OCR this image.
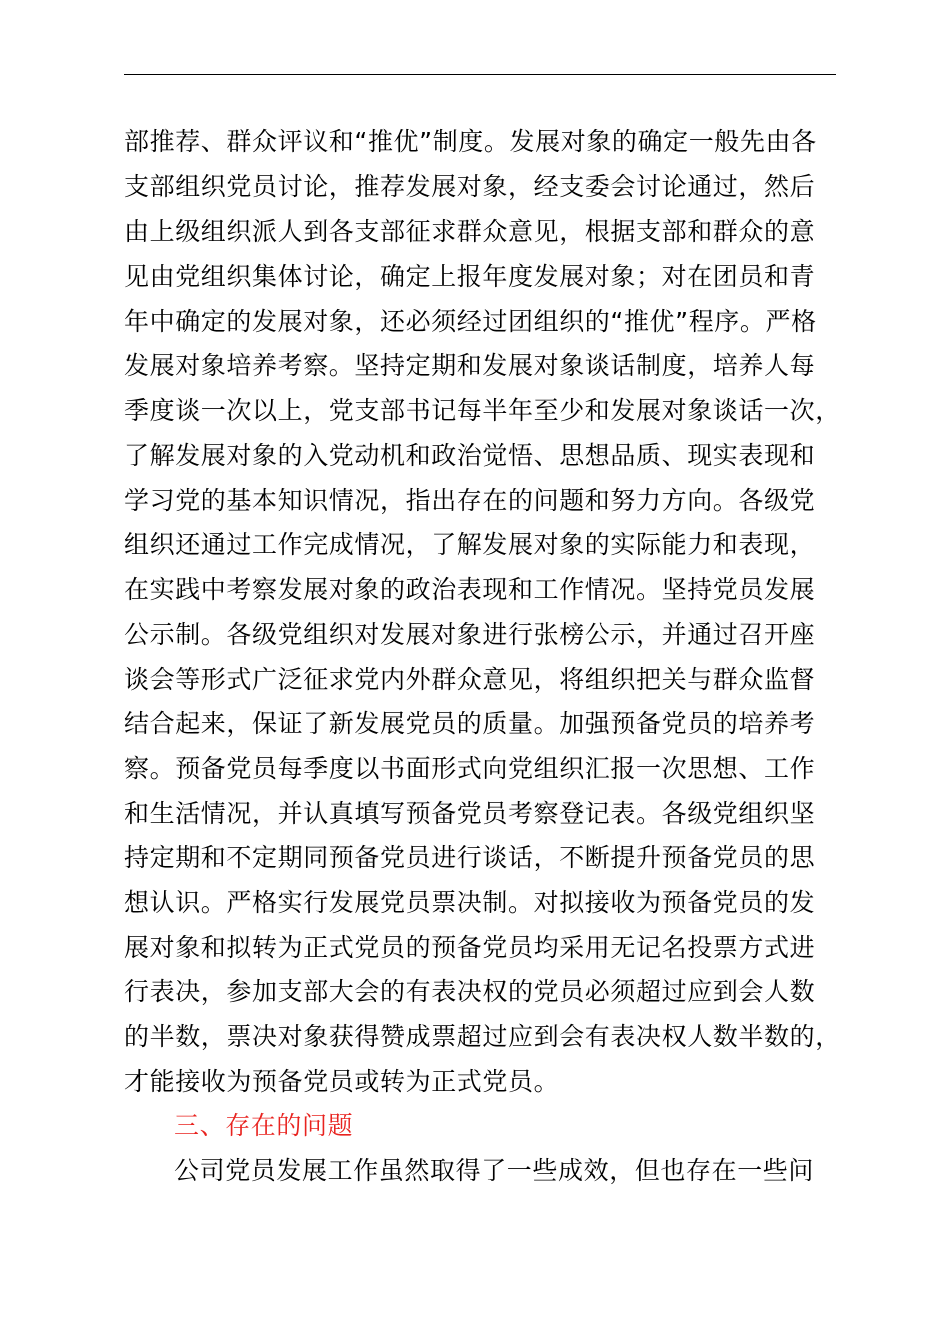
部推荐、群众评议和“推优”制度。发展对象的确定一般先由各
支部组织党员讨论，推荐发展对象，经支委会讨论通过，然后
由上级组织派人到各支部征求群众意见，根据支部和群众的意
见由党组织集体讨论，确定上报年度发展对象；对在团员和青
年中确定的发展对象，还必须经过团组织的“推优”程序。严格
发展对象培养考察。坚持定期和发展对象谈话制度，培养人每
季度谈一次以上，党支部书记每半年至少和发展对象谈话一次，
了解发展对象的入党动机和政治觉悟、思想品质、现实表现和
学习党的基本知识情况，指出存在的问题和努力方向。各级党
组织还通过工作完成情况，了解发展对象的实际能力和表现，
在实践中考察发展对象的政治表现和工作情况。坚持党员发展
公示制。各级党组织对发展对象进行张榜公示，并通过召开座
谈会等形式广泛征求党内外群众意见，将组织把关与群众监督
结合起来，保证了新发展党员的质量。加强预备党员的培养考
察。预备党员每季度以书面形式向党组织汇报一次思想、工作
和生活情况，并认真填写预备党员考察登记表。各级党组织坚
持定期和不定期同预备党员进行谈话，不断提升预备党员的思
想认识。严格实行发展党员票决制。对拟接收为预备党员的发
展对象和拟转为正式党员的预备党员均采用无记名投票方式进
行表决，参加支部大会的有表决权的党员必须超过应到会人数
的半数，票决对象获得赞成票超过应到会有表决权人数半数的，
才能接收为预备党员或转为正式党员。
三、存在的问题
公司党员发展工作虽然取得了一些成效，但也存在一些问
